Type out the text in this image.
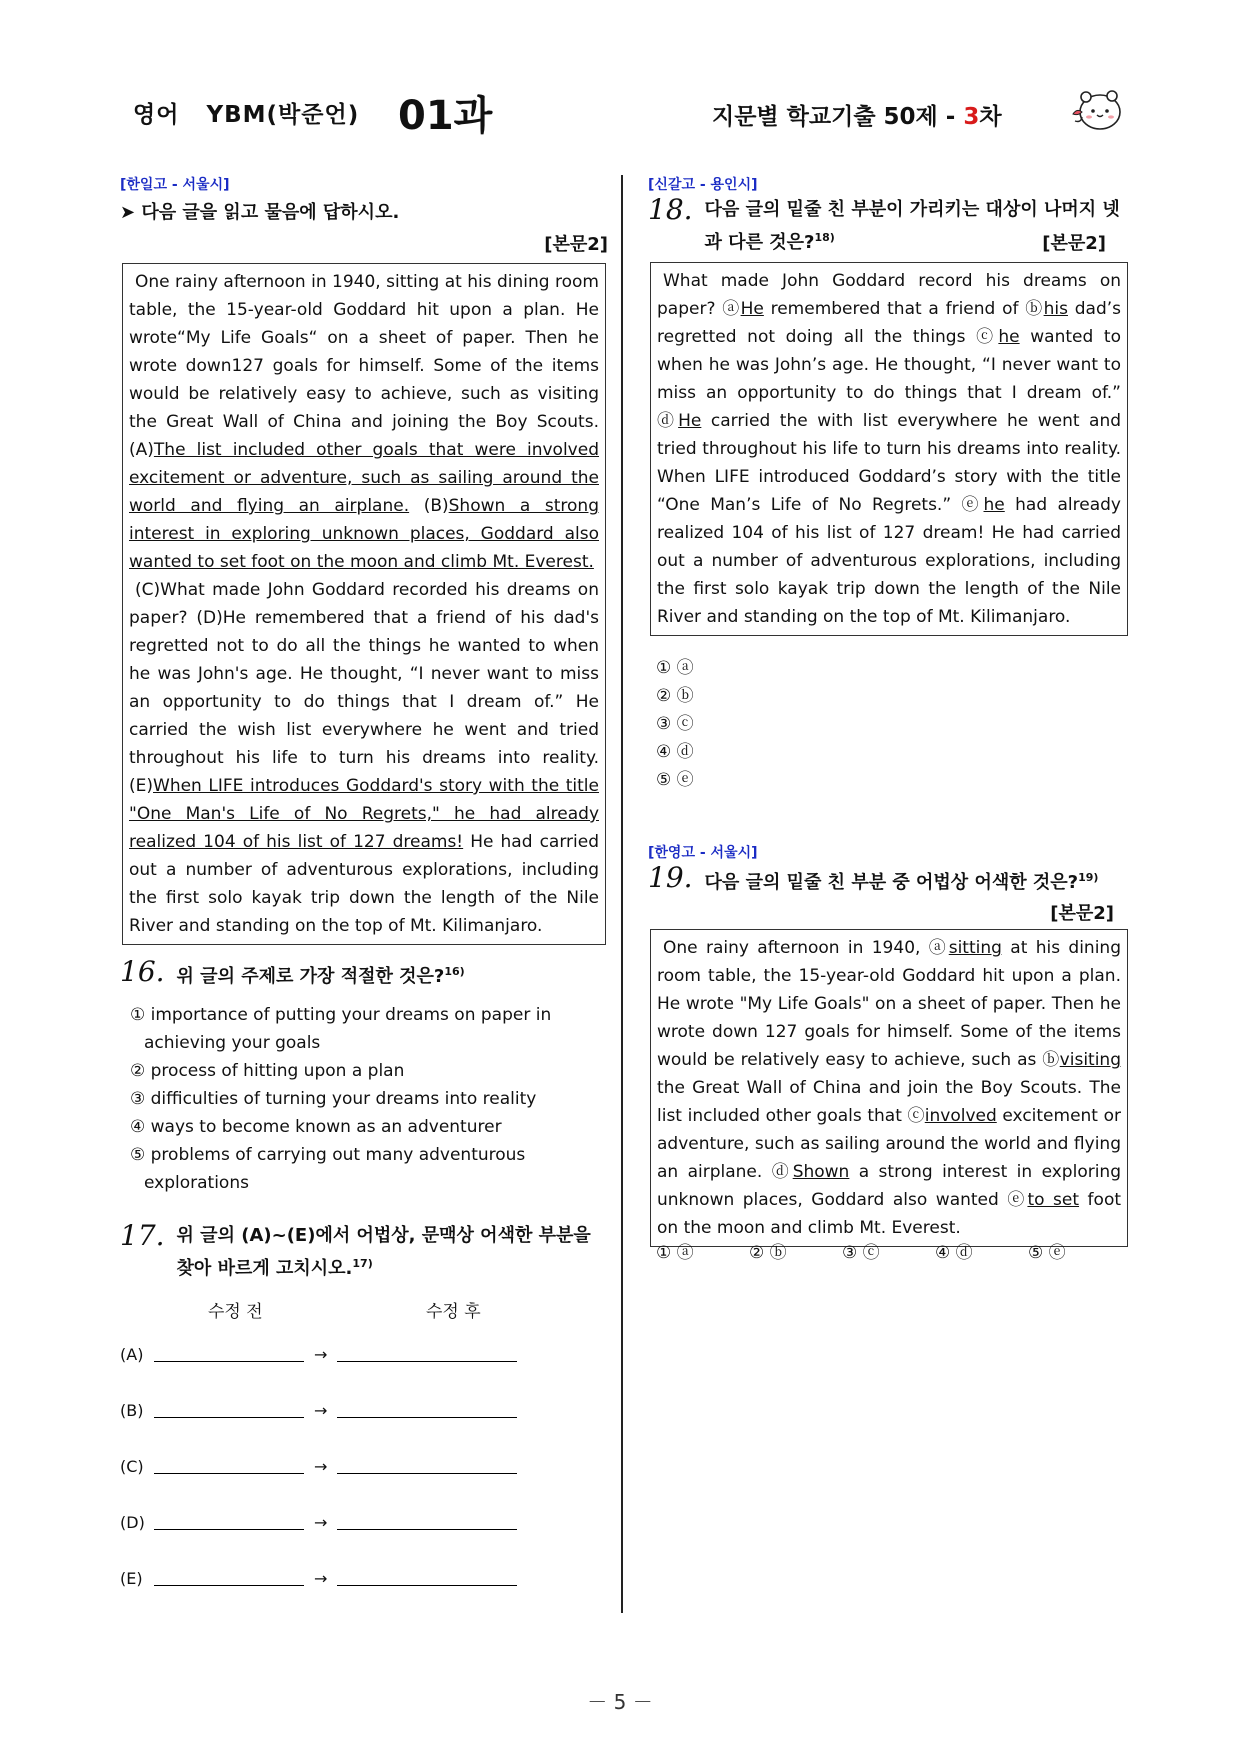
영어 YBM(박준언) 01과	지문별 학교기출 50제 - 3차
[한일고 - 서울시]
➤ 다음 글을 읽고 물음에 답하시오.
[본문2]

One rainy afternoon in 1940, sitting at his dining room table, the 15-year-old Goddard hit upon a plan. He wrote“My Life Goals“ on a sheet of paper. Then he wrote down127 goals for himself. Some of the items would be relatively easy to achieve, such as visiting the Great Wall of China and joining the Boy Scouts. (A)The list included other goals that were involved excitement or adventure, such as sailing around the world and flying an airplane. (B)Shown a strong interest in exploring unknown places, Goddard also wanted to set foot on the moon and climb Mt. Everest.

(C)What made John Goddard recorded his dreams on paper? (D)He remembered that a friend of his dad's regretted not to do all the things he wanted to when he was John's age. He thought, “I never want to miss an opportunity to do things that I dream of.” He carried the wish list everywhere he went and tried throughout his life to turn his dreams into reality. (E)When LIFE introduces Goddard's story with the title "One Man's Life of No Regrets," he had already realized 104 of his list of 127 dreams! He had carried out a number of adventurous explorations, including the first solo kayak trip down the length of the Nile River and standing on the top of Mt. Kilimanjaro.

16. 위 글의 주제로 가장 적절한 것은?$^{16)}$
① importance of putting your dreams on paper in achieving your goals
② process of hitting upon a plan
③ difficulties of turning your dreams into reality
④ ways to become known as an adventurer
⑤ problems of carrying out many adventurous explorations
17. 위 글의 (A)~(E)에서 어법상, 문맥상 어색한 부분을 찾아 바르게 고치시오.$^{17)}$
수정 전	수정 후
(A)	→
(B)	→
(C)	→
(D)	→
(E)	→
[신갈고 - 용인시]
18. 다음 글의 밑줄 친 부분이 가리키는 대상이 나머지 넷과 다른 것은?$^{18)}$	[본문2]

What made John Goddard record his dreams on paper? ⓐHe remembered that a friend of ⓑhis dad’s regretted not doing all the things ⓒhe wanted to when he was John’s age. He thought, “I never want to miss an opportunity to do things that I dream of.” ⓓHe carried the with list everywhere he went and tried throughout his life to turn his dreams into reality. When LIFE introduced Goddard’s story with the title “One Man’s Life of No Regrets.” ⓔhe had already realized 104 of his list of 127 dream! He had carried out a number of adventurous explorations, including the first solo kayak trip down the length of the Nile River and standing on the top of Mt. Kilimanjaro.

① ⓐ
② ⓑ
③ ⓒ
④ ⓓ
⑤ ⓔ
[한영고 - 서울시]
19. 다음 글의 밑줄 친 부분 중 어법상 어색한 것은?$^{19)}$
[본문2]

One rainy afternoon in 1940, ⓐsitting at his dining room table, the 15-year-old Goddard hit upon a plan. He wrote "My Life Goals" on a sheet of paper. Then he wrote down 127 goals for himself. Some of the items would be relatively easy to achieve, such as ⓑvisiting the Great Wall of China and join the Boy Scouts. The list included other goals that ⓒinvolved excitement or adventure, such as sailing around the world and flying an airplane. ⓓShown a strong interest in exploring unknown places, Goddard also wanted ⓔto set foot on the moon and climb Mt. Everest.

① ⓐ	② ⓑ	③ ⓒ	④ ⓓ	⑤ ⓔ
－ 5 －
